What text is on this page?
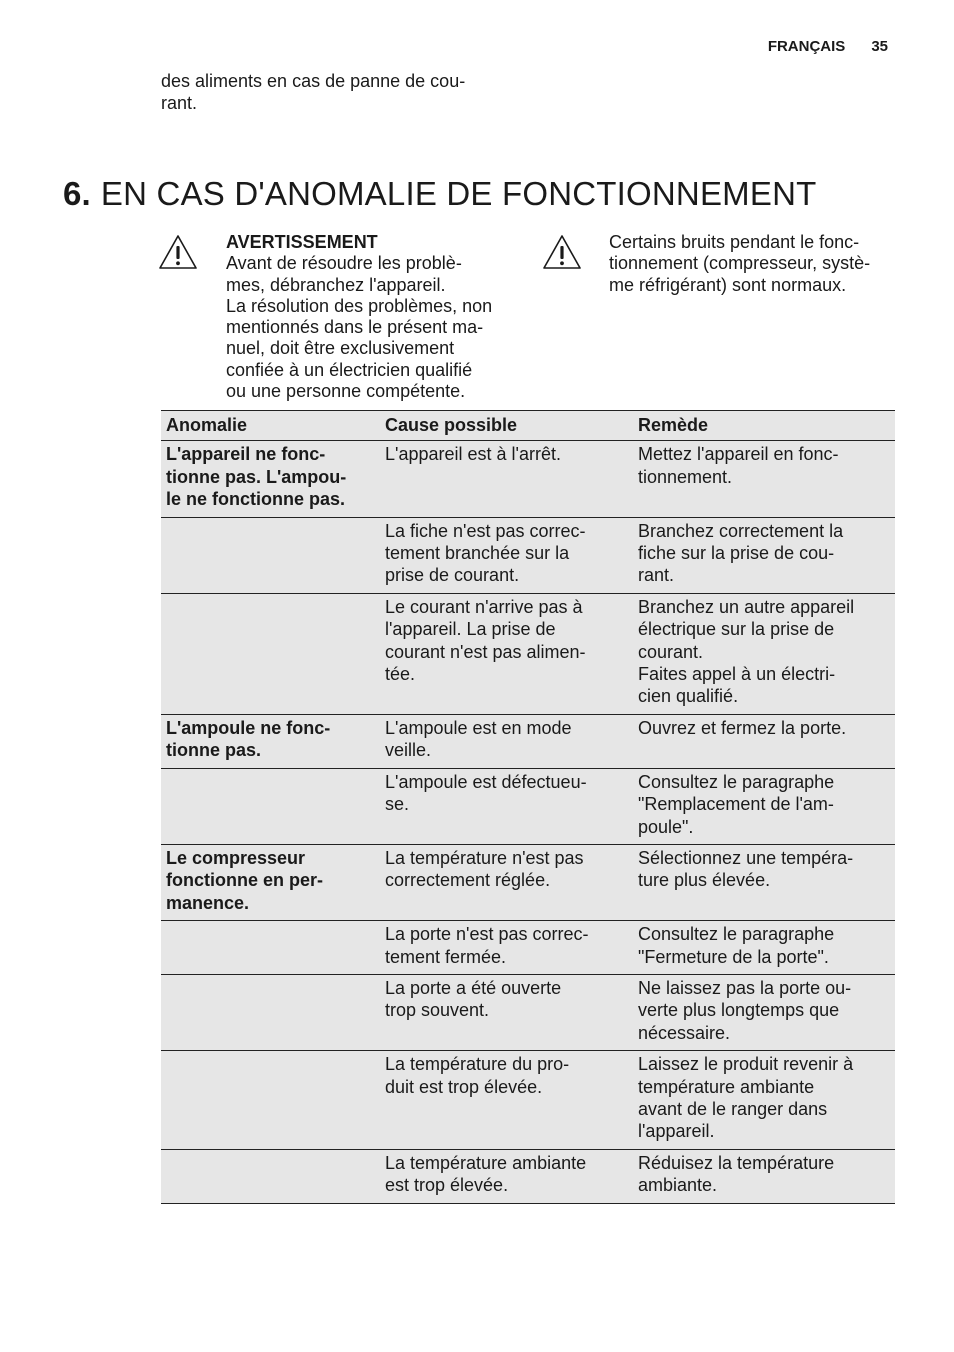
FRANÇAIS 35
des aliments en cas de panne de cou-
rant.
6. EN CAS D'ANOMALIE DE FONCTIONNEMENT
AVERTISSEMENT
Avant de résoudre les problè-
mes, débranchez l'appareil.
La résolution des problèmes, non
mentionnés dans le présent ma-
nuel, doit être exclusivement
confiée à un électricien qualifié
ou une personne compétente.
Certains bruits pendant le fonc-
tionnement (compresseur, systè-
me réfrigérant) sont normaux.
Anomalie	Cause possible	Remède
L'appareil ne fonc-
tionne pas. L'ampou-
le ne fonctionne pas.	L'appareil est à l'arrêt.	Mettez l'appareil en fonc-
tionnement.
	La fiche n'est pas correc-
tement branchée sur la
prise de courant.	Branchez correctement la
fiche sur la prise de cou-
rant.
	Le courant n'arrive pas à
l'appareil. La prise de
courant n'est pas alimen-
tée.	Branchez un autre appareil
électrique sur la prise de
courant.
Faites appel à un électri-
cien qualifié.
L'ampoule ne fonc-
tionne pas.	L'ampoule est en mode
veille.	Ouvrez et fermez la porte.
	L'ampoule est défectueu-
se.	Consultez le paragraphe
"Remplacement de l'am-
poule".
Le compresseur
fonctionne en per-
manence.	La température n'est pas
correctement réglée.	Sélectionnez une tempéra-
ture plus élevée.
	La porte n'est pas correc-
tement fermée.	Consultez le paragraphe
"Fermeture de la porte".
	La porte a été ouverte
trop souvent.	Ne laissez pas la porte ou-
verte plus longtemps que
nécessaire.
	La température du pro-
duit est trop élevée.	Laissez le produit revenir à
température ambiante
avant de le ranger dans
l'appareil.
	La température ambiante
est trop élevée.	Réduisez la température
ambiante.
